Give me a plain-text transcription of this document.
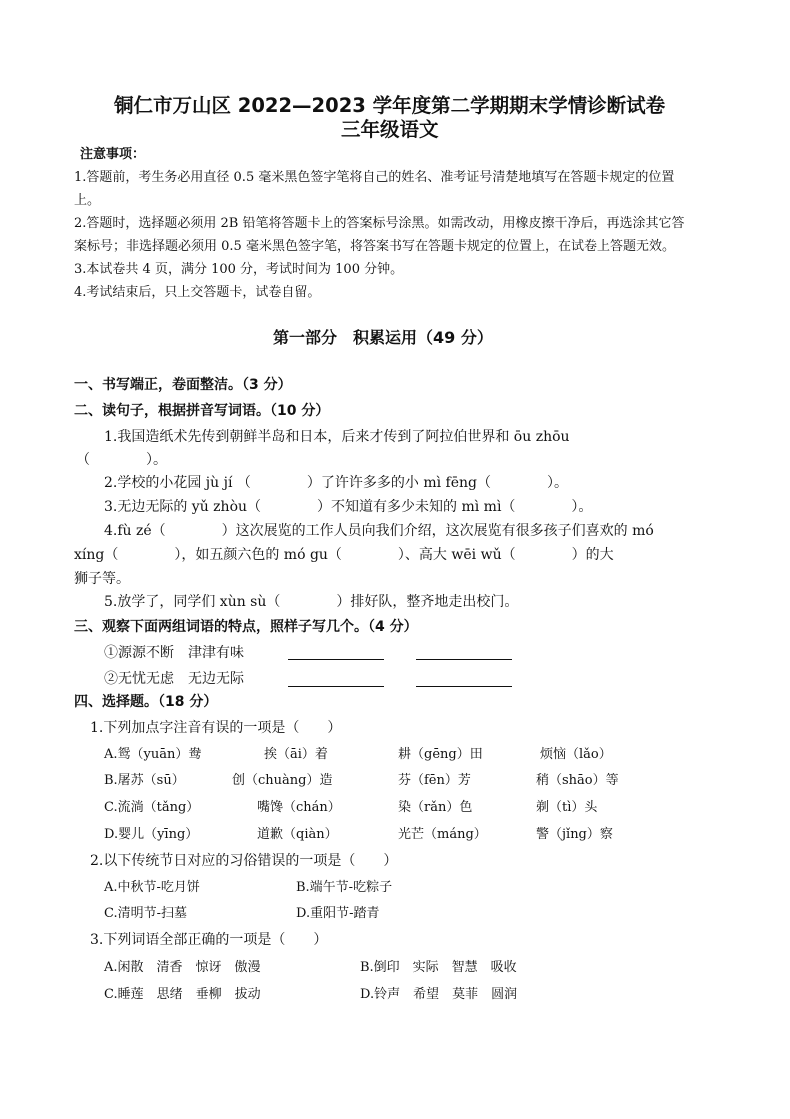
铜仁市万山区 2022—2023 学年度第二学期期末学情诊断试卷
三年级语文
注意事项：
1.答题前，考生务必用直径 0.5 毫米黑色签字笔将自己的姓名、准考证号清楚地填写在答题卡规定的位置
上。
2.答题时，选择题必须用 2B 铅笔将答题卡上的答案标号涂黑。如需改动，用橡皮擦干净后，再选涂其它答
案标号；非选择题必须用 0.5 毫米黑色签字笔，将答案书写在答题卡规定的位置上，在试卷上答题无效。
3.本试卷共 4 页，满分 100 分，考试时间为 100 分钟。
4.考试结束后，只上交答题卡，试卷自留。
第一部分　积累运用（49 分）
一、书写端正，卷面整洁。（3 分）
二、读句子，根据拼音写词语。（10 分）
1.我国造纸术先传到朝鲜半岛和日本，后来才传到了阿拉伯世界和 ōu zhōu
（　　　　）。
2.学校的小花园 jù jí （　　　　）了许许多多的小 mì fēng（　　　　）。
3.无边无际的 yǔ zhòu（　　　　）不知道有多少未知的 mì mì（　　　　）。
4.fù zé（　　　　）这次展览的工作人员向我们介绍，这次展览有很多孩子们喜欢的 mó
xíng（　　　　），如五颜六色的 mó gu（　　　　）、高大 wēi wǔ（　　　　）的大
狮子等。
5.放学了，同学们 xùn sù（　　　　）排好队，整齐地走出校门。
三、观察下面两组词语的特点，照样子写几个。（4 分）
①源源不断　津津有味
②无忧无虑　无边无际
四、选择题。（18 分）
1.下列加点字注音有误的一项是（　　）
A.鸳（yuān）鸯	挨（āi）着	耕（gēng）田	烦恼（lǎo）
B.屠苏（sū）	创（chuàng）造	芬（fēn）芳	稍（shāo）等
C.流淌（tǎng）	嘴馋（chán）	染（rǎn）色	剃（tì）头
D.婴儿（yīng）	道歉（qiàn）	光芒（máng）	警（jǐng）察
2.以下传统节日对应的习俗错误的一项是（　　）
A.中秋节-吃月饼	B.端午节-吃粽子
C.清明节-扫墓	D.重阳节-踏青
3.下列词语全部正确的一项是（　　）
A.闲散　清香　惊讶　傲漫	B.倒印　实际　智慧　吸收
C.睡莲　思绪　垂柳　拔动	D.铃声　希望　莫菲　圆润
